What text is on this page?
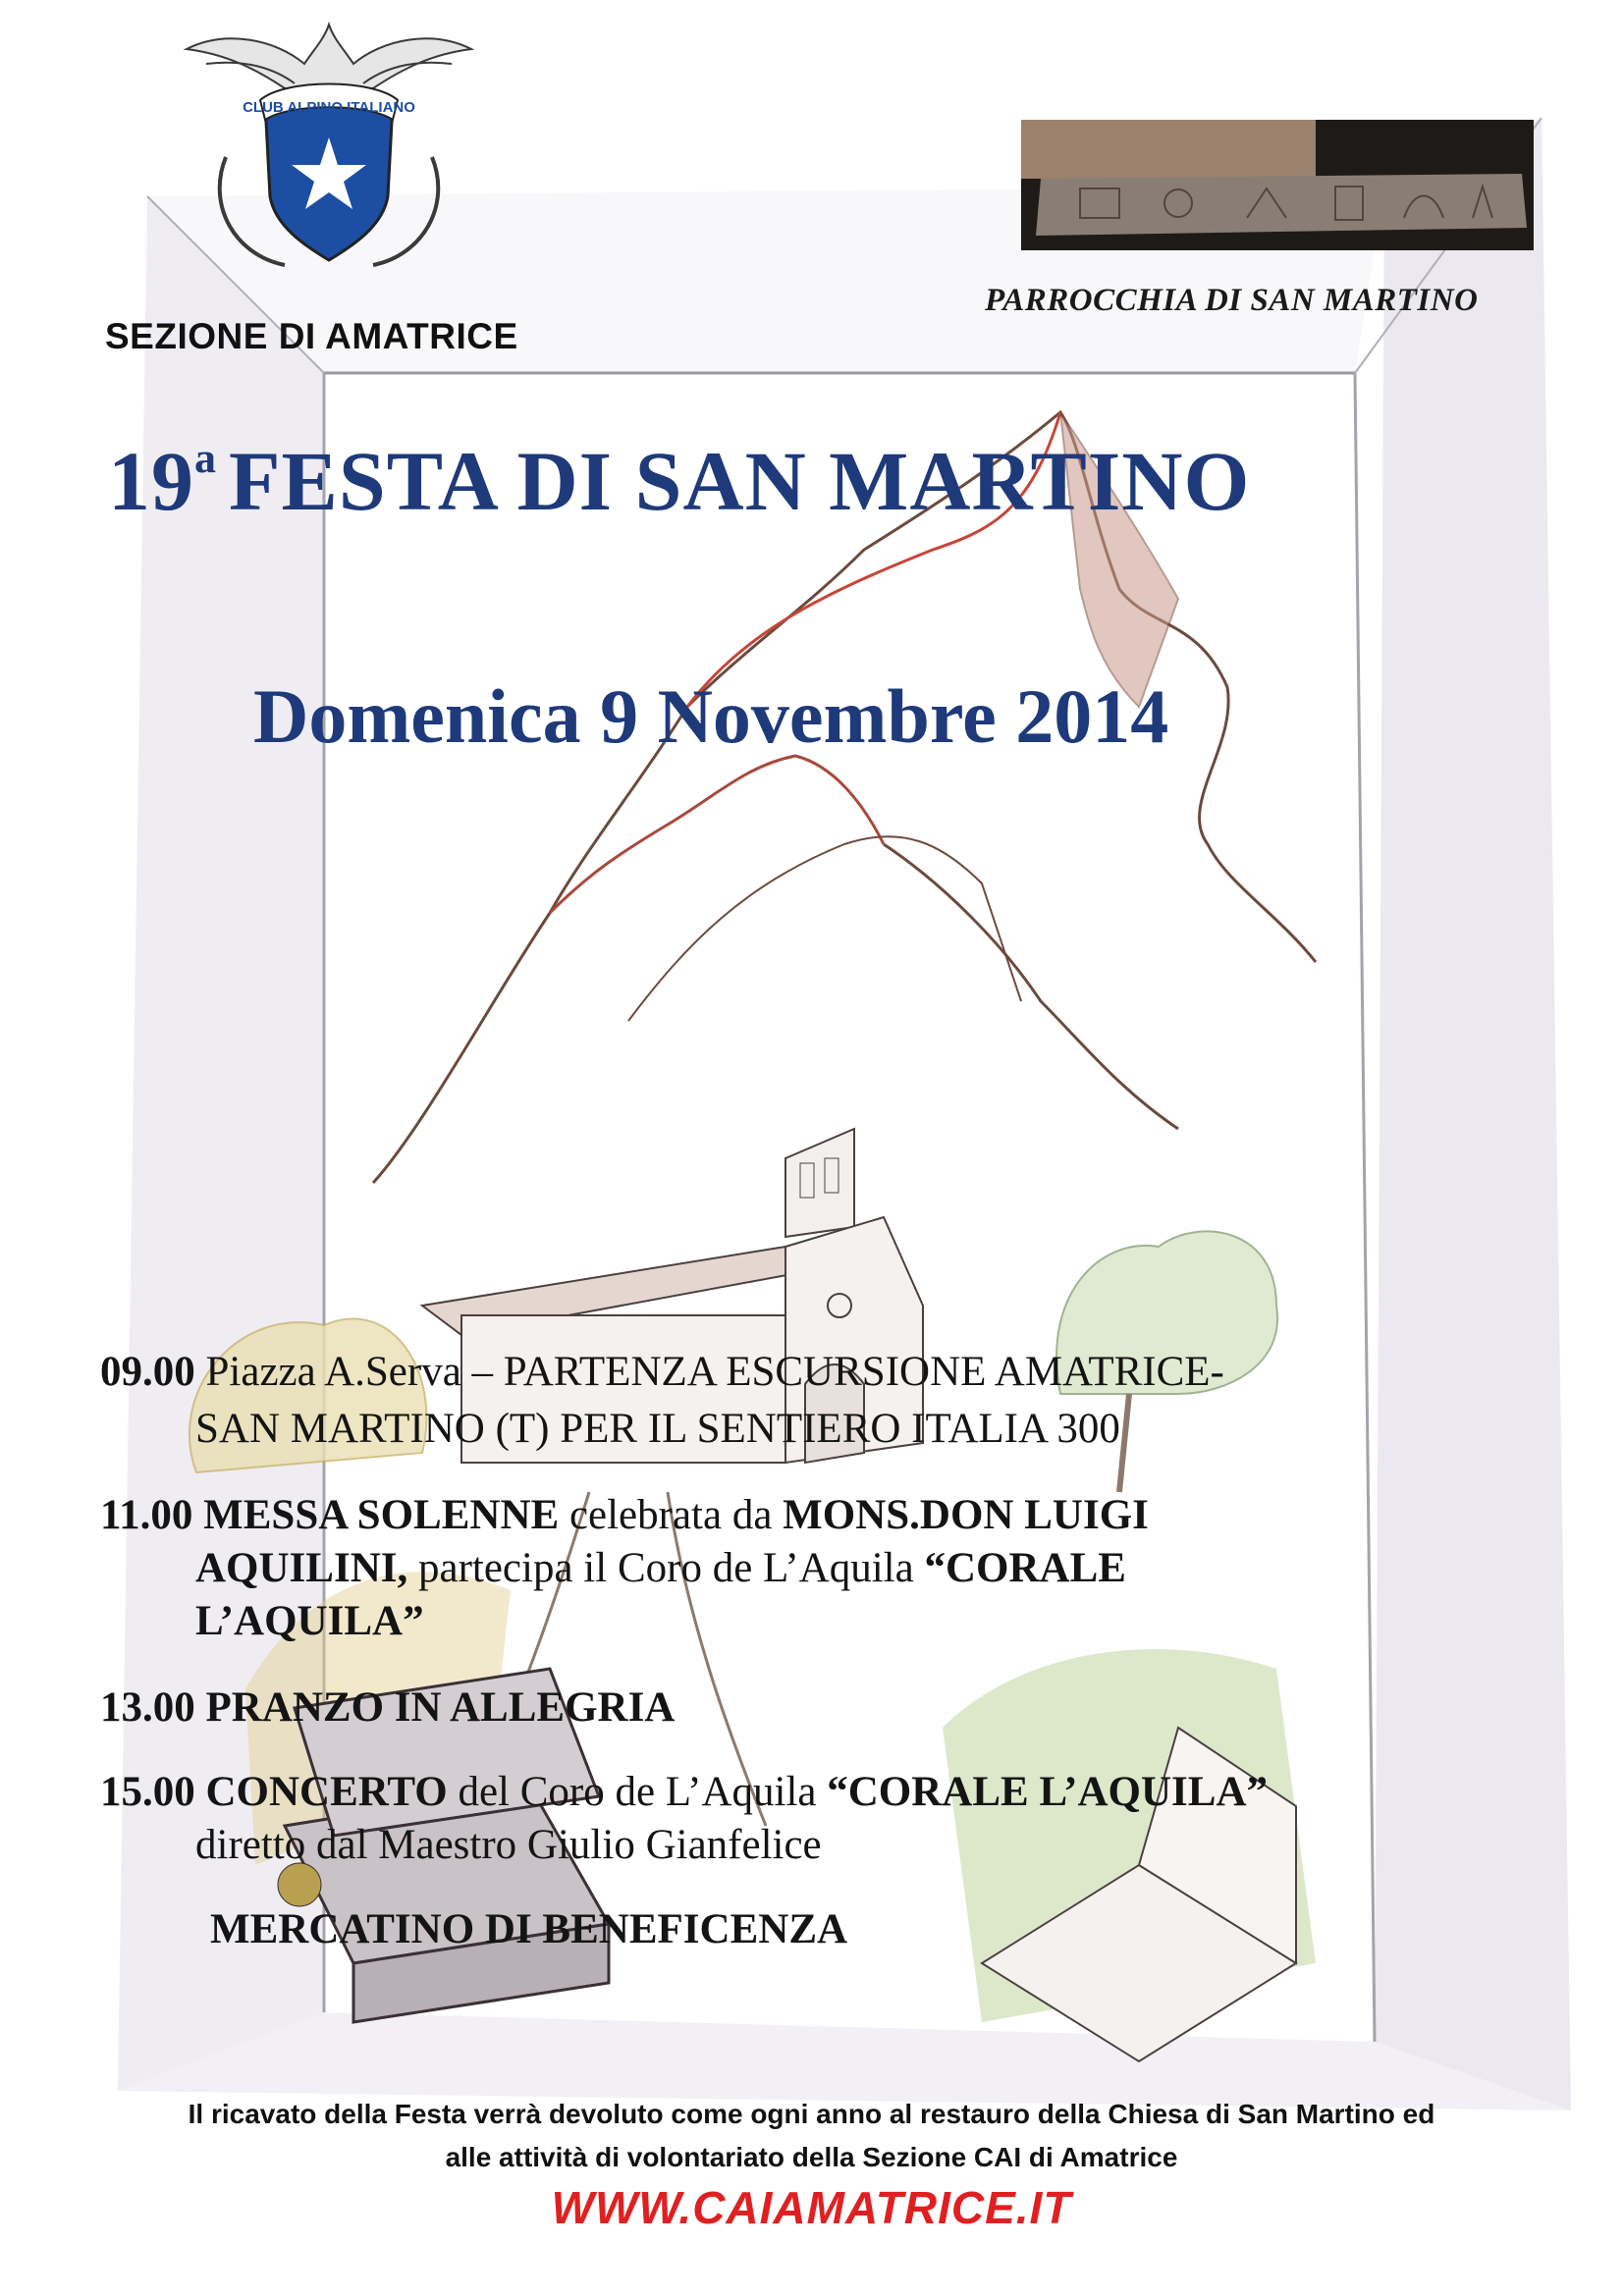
CLUB ALPINO ITALIANO
SEZIONE DI AMATRICE
PARROCCHIA DI SAN MARTINO
19$^a$ FESTA DI SAN MARTINO
Domenica 9 Novembre 2014
09.00 Piazza A.Serva – PARTENZA ESCURSIONE AMATRICE-
SAN MARTINO (T) PER IL SENTIERO ITALIA 300
11.00 MESSA SOLENNE celebrata da MONS.DON LUIGI
AQUILINI, partecipa il Coro de L’Aquila “CORALE
L’AQUILA”
13.00 PRANZO IN ALLEGRIA
15.00 CONCERTO del Coro de L’Aquila “CORALE L’AQUILA”
diretto dal Maestro Giulio Gianfelice
MERCATINO DI BENEFICENZA
Il ricavato della Festa verrà devoluto come ogni anno al restauro della Chiesa di San Martino ed
alle attività di volontariato della Sezione CAI di Amatrice
WWW.CAIAMATRICE.IT
